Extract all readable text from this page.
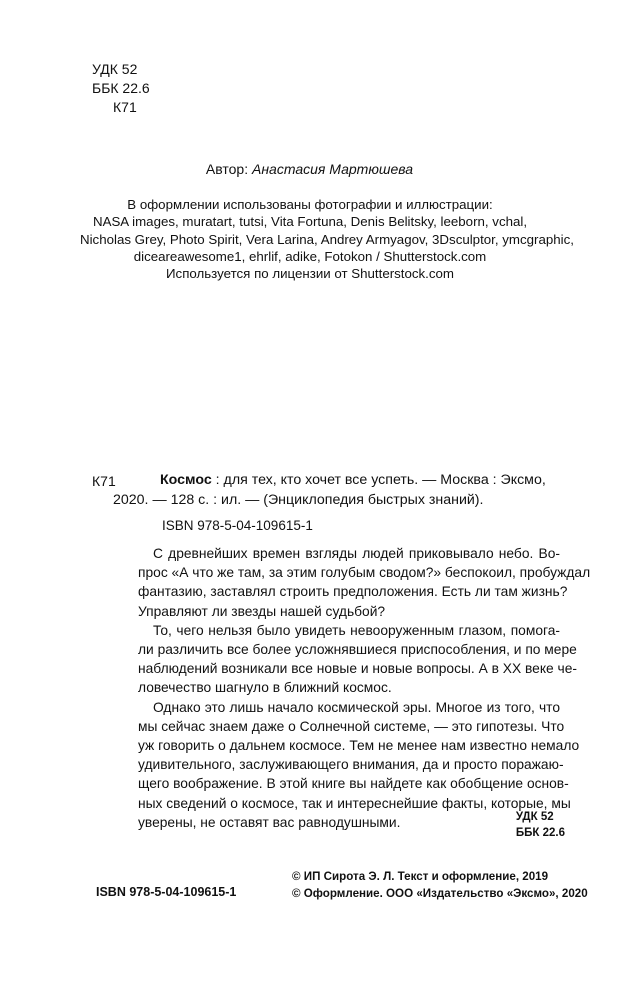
УДК 52
ББК 22.6
К71
Автор: Анастасия Мартюшева
В оформлении использованы фотографии и иллюстрации:
NASA images, muratart, tutsi, Vita Fortuna, Denis Belitsky, leeborn, vchal,
Nicholas Grey, Photo Spirit, Vera Larina, Andrey Armyagov, 3Dsculptor, ymcgraphic,
diceareawesome1, ehrlif, adike, Fotokon / Shutterstock.com
Используется по лицензии от Shutterstock.com
К71	Космос : для тех, кто хочет все успеть. — Москва : Эксмо,
2020. — 128 с. : ил. — (Энциклопедия быстрых знаний).
ISBN 978-5-04-109615-1

С древнейших времен взгляды людей приковывало небо. Во-
прос «А что же там, за этим голубым сводом?» беспокоил, пробуждал
фантазию, заставлял строить предположения. Есть ли там жизнь?
Управляют ли звезды нашей судьбой?

То, чего нельзя было увидеть невооруженным глазом, помога-
ли различить все более усложнявшиеся приспособления, и по мере
наблюдений возникали все новые и новые вопросы. А в XX веке че-
ловечество шагнуло в ближний космос.

Однако это лишь начало космической эры. Многое из того, что
мы сейчас знаем даже о Солнечной системе, — это гипотезы. Что
уж говорить о дальнем космосе. Тем не менее нам известно немало
удивительного, заслуживающего внимания, да и просто поражаю-
щего воображение. В этой книге вы найдете как обобщение основ-
ных сведений о космосе, так и интереснейшие факты, которые, мы
уверены, не оставят вас равнодушными.	УДК 52
ББК 22.6
ISBN 978-5-04-109615-1
© ИП Сирота Э. Л. Текст и оформление, 2019
© Оформление. ООО «Издательство «Эксмо», 2020
